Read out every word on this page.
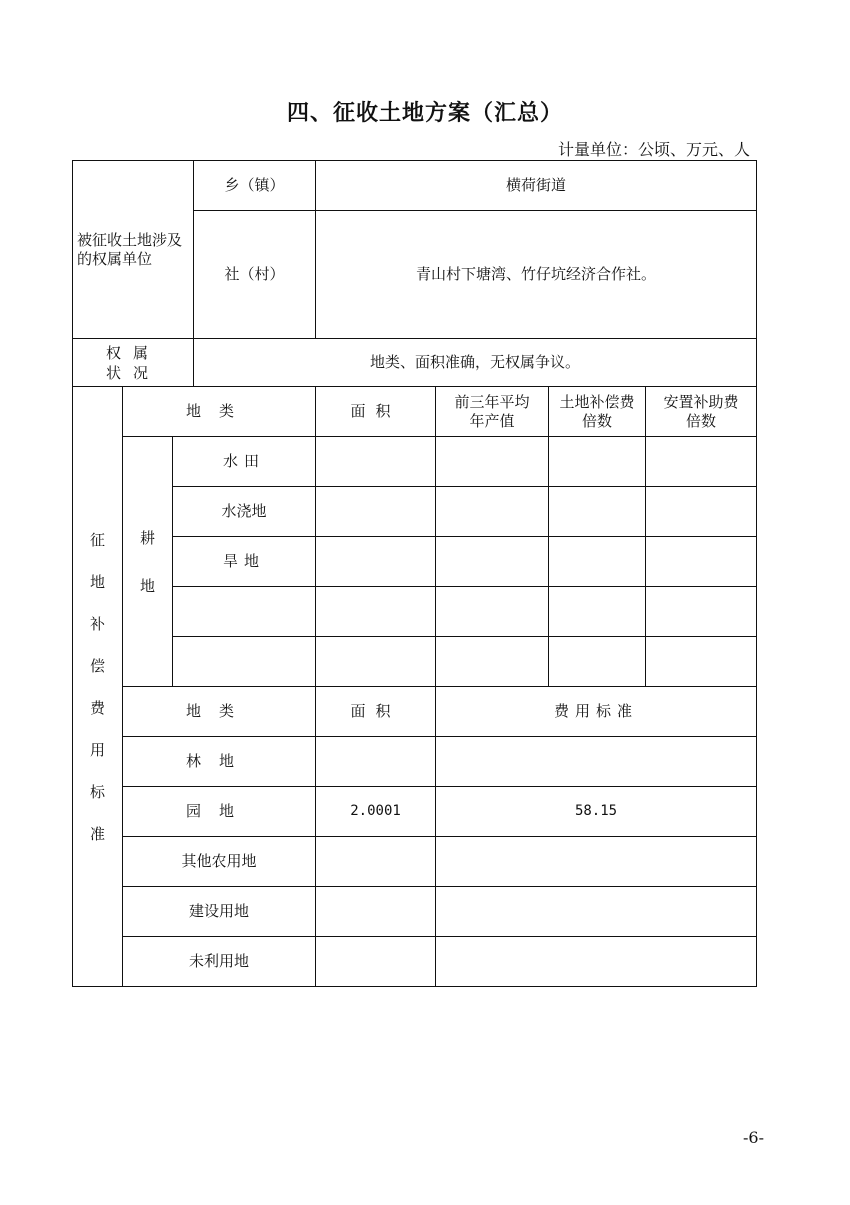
四、征收土地方案（汇总）
计量单位：公顷、万元、人
被征收土地涉及的权属单位			乡（镇）	横荷街道			
			社（村）	青山村下塘湾、竹仔坑经济合作社。			
权属状况			地类、面积准确，无权属争议。				
征地补偿费用标准	地类			面积	前三年平均年产值	土地补偿费倍数	安置补助费倍数
	耕地	水田					
		水浇地					
		旱地					

	地类			面积	费用标准		
	林地						
	园地			2.0001	58.15		
	其他农用地						
	建设用地						
	未利用地						
-6-
